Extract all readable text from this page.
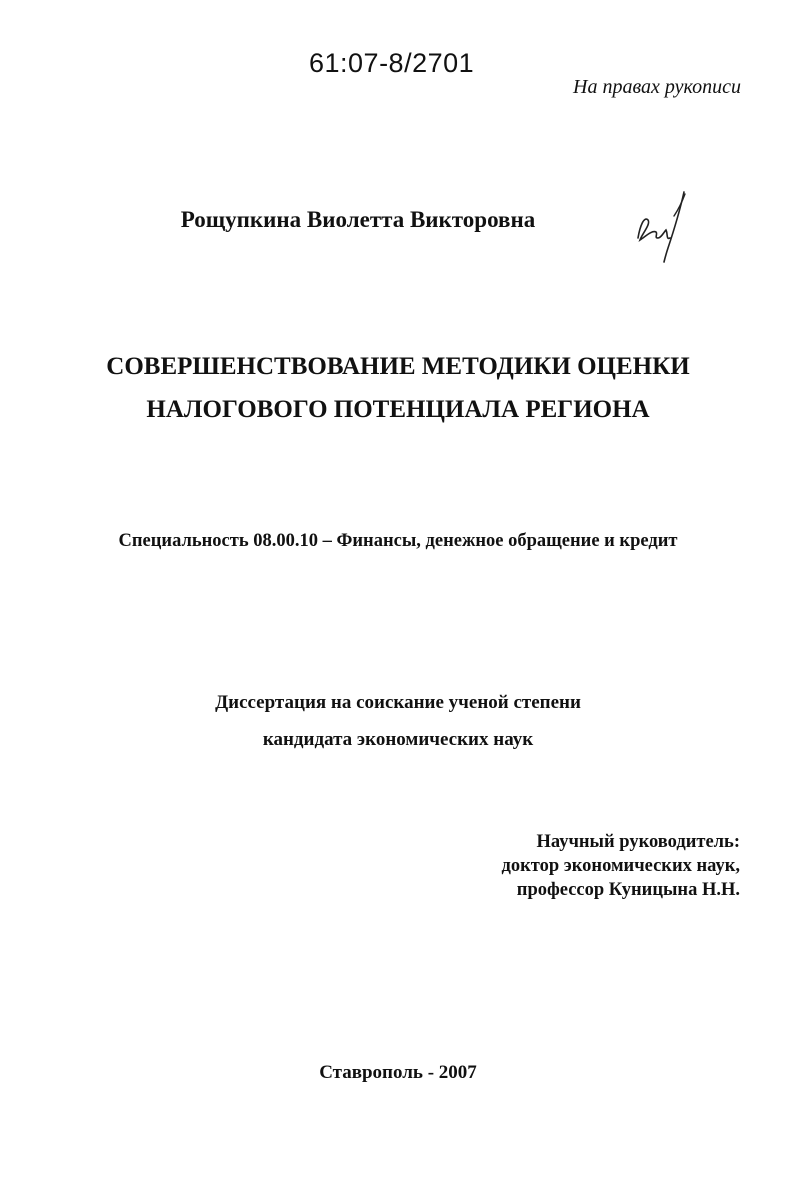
61:07-8/2701
На правах рукописи
Рощупкина Виолетта Викторовна
СОВЕРШЕНСТВОВАНИЕ МЕТОДИКИ ОЦЕНКИ
НАЛОГОВОГО ПОТЕНЦИАЛА РЕГИОНА
Специальность 08.00.10 – Финансы, денежное обращение и кредит
Диссертация на соискание ученой степени
кандидата экономических наук
Научный руководитель:
доктор экономических наук,
профессор Куницына Н.Н.
Ставрополь - 2007
